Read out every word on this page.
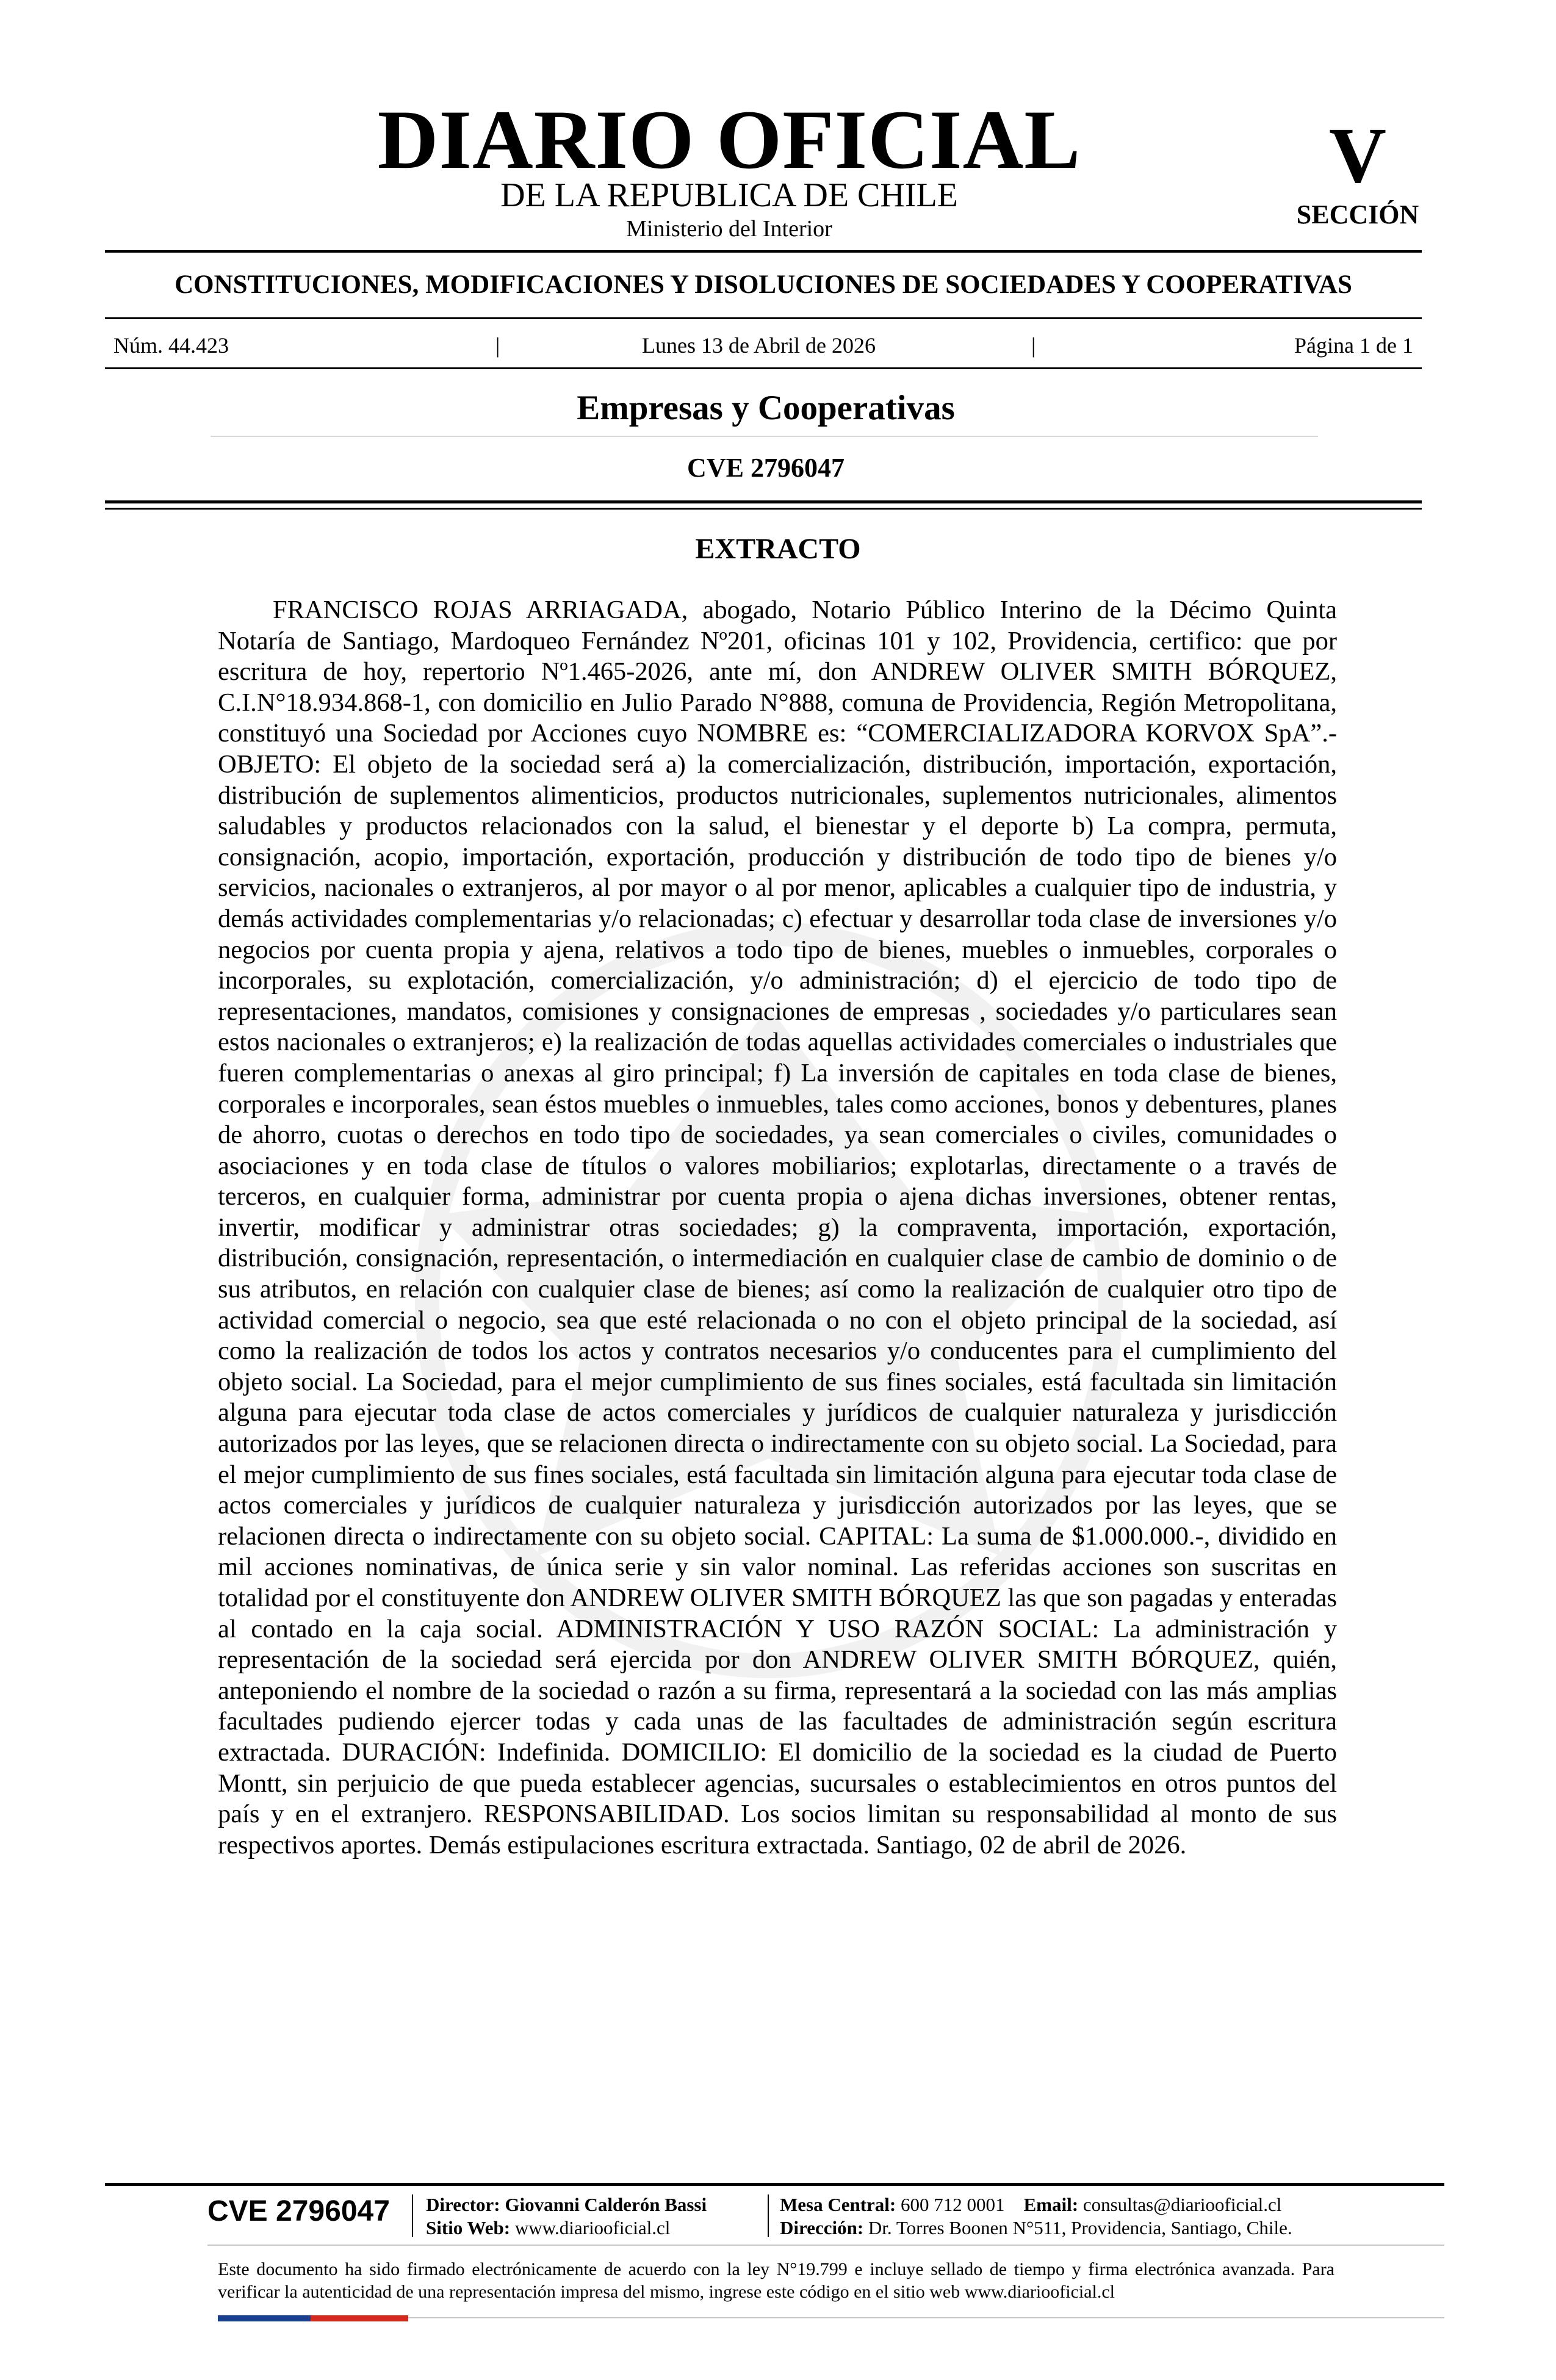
DIARIO OFICIAL
DE LA REPUBLICA DE CHILE
Ministerio del Interior
V
SECCIÓN
CONSTITUCIONES, MODIFICACIONES Y DISOLUCIONES DE SOCIEDADES Y COOPERATIVAS
Núm. 44.423	|	Lunes 13 de Abril de 2026	|	Página 1 de 1
Empresas y Cooperativas
CVE 2796047
EXTRACTO
FRANCISCO ROJAS ARRIAGADA, abogado, Notario Público Interino de la Décimo Quinta Notaría de Santiago, Mardoqueo Fernández Nº201, oficinas 101 y 102, Providencia, certifico: que por escritura de hoy, repertorio Nº1.465-2026, ante mí, don ANDREW OLIVER SMITH BÓRQUEZ, C.I.N°18.934.868-1, con domicilio en Julio Parado N°888, comuna de Providencia, Región Metropolitana, constituyó una Sociedad por Acciones cuyo NOMBRE es: “COMERCIALIZADORA KORVOX SpA”.- OBJETO: El objeto de la sociedad será a) la comercialización, distribución, importación, exportación, distribución de suplementos alimenticios, productos nutricionales, suplementos nutricionales, alimentos saludables y productos relacionados con la salud, el bienestar y el deporte b) La compra, permuta, consignación, acopio, importación, exportación, producción y distribución de todo tipo de bienes y/o servicios, nacionales o extranjeros, al por mayor o al por menor, aplicables a cualquier tipo de industria, y demás actividades complementarias y/o relacionadas; c) efectuar y desarrollar toda clase de inversiones y/o negocios por cuenta propia y ajena, relativos a todo tipo de bienes, muebles o inmuebles, corporales o incorporales, su explotación, comercialización, y/o administración; d) el ejercicio de todo tipo de representaciones, mandatos, comisiones y consignaciones de empresas , sociedades y/o particulares sean estos nacionales o extranjeros; e) la realización de todas aquellas actividades comerciales o industriales que fueren complementarias o anexas al giro principal; f) La inversión de capitales en toda clase de bienes, corporales e incorporales, sean éstos muebles o inmuebles, tales como acciones, bonos y debentures, planes de ahorro, cuotas o derechos en todo tipo de sociedades, ya sean comerciales o civiles, comunidades o asociaciones y en toda clase de títulos o valores mobiliarios; explotarlas, directamente o a través de terceros, en cualquier forma, administrar por cuenta propia o ajena dichas inversiones, obtener rentas, invertir, modificar y administrar otras sociedades; g) la compraventa, importación, exportación, distribución, consignación, representación, o intermediación en cualquier clase de cambio de dominio o de sus atributos, en relación con cualquier clase de bienes; así como la realización de cualquier otro tipo de actividad comercial o negocio, sea que esté relacionada o no con el objeto principal de la sociedad, así como la realización de todos los actos y contratos necesarios y/o conducentes para el cumplimiento del objeto social. La Sociedad, para el mejor cumplimiento de sus fines sociales, está facultada sin limitación alguna para ejecutar toda clase de actos comerciales y jurídicos de cualquier naturaleza y jurisdicción autorizados por las leyes, que se relacionen directa o indirectamente con su objeto social. La Sociedad, para el mejor cumplimiento de sus fines sociales, está facultada sin limitación alguna para ejecutar toda clase de actos comerciales y jurídicos de cualquier naturaleza y jurisdicción autorizados por las leyes, que se relacionen directa o indirectamente con su objeto social. CAPITAL: La suma de $1.000.000.-, dividido en mil acciones nominativas, de única serie y sin valor nominal. Las referidas acciones son suscritas en totalidad por el constituyente don ANDREW OLIVER SMITH BÓRQUEZ las que son pagadas y enteradas al contado en la caja social. ADMINISTRACIÓN Y USO RAZÓN SOCIAL: La administración y representación de la sociedad será ejercida por don ANDREW OLIVER SMITH BÓRQUEZ, quién, anteponiendo el nombre de la sociedad o razón a su firma, representará a la sociedad con las más amplias facultades pudiendo ejercer todas y cada unas de las facultades de administración según escritura extractada. DURACIÓN: Indefinida. DOMICILIO: El domicilio de la sociedad es la ciudad de Puerto Montt, sin perjuicio de que pueda establecer agencias, sucursales o establecimientos en otros puntos del país y en el extranjero. RESPONSABILIDAD. Los socios limitan su responsabilidad al monto de sus respectivos aportes. Demás estipulaciones escritura extractada. Santiago, 02 de abril de 2026.
CVE 2796047 Director: Giovanni Calderón Bassi
Sitio Web: www.diariooficial.cl
Mesa Central: 600 712 0001 Email: consultas@diariooficial.cl
Dirección: Dr. Torres Boonen N°511, Providencia, Santiago, Chile.
Este documento ha sido firmado electrónicamente de acuerdo con la ley N°19.799 e incluye sellado de tiempo y firma electrónica avanzada. Para verificar la autenticidad de una representación impresa del mismo, ingrese este código en el sitio web www.diariooficial.cl
